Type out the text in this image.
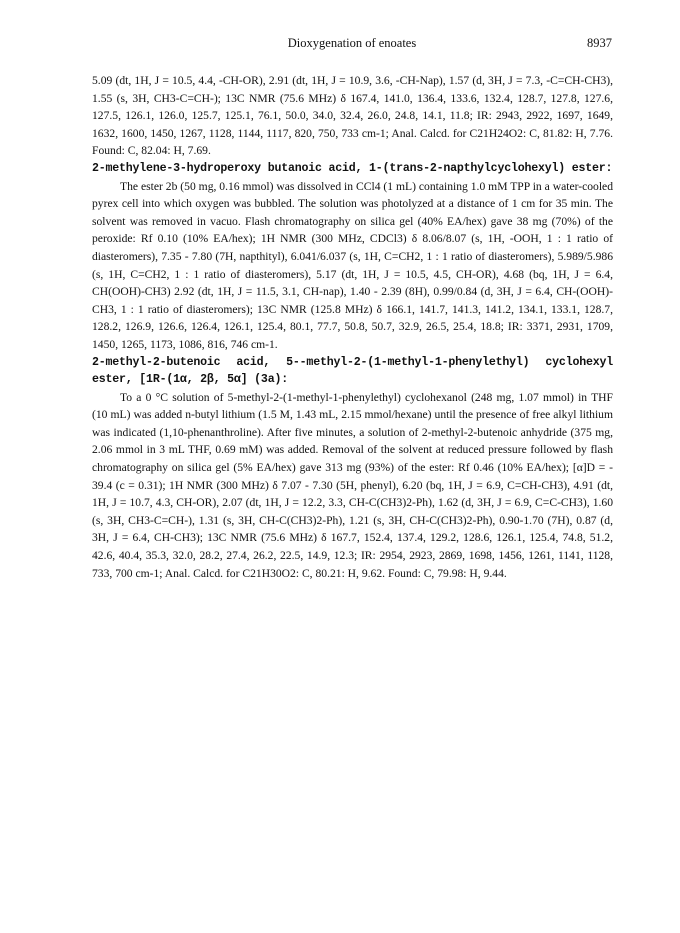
Dioxygenation of enoates	8937

5.09 (dt, 1H, J = 10.5, 4.4, -CH-OR), 2.91 (dt, 1H, J = 10.9, 3.6, -CH-Nap), 1.57 (d, 3H, J = 7.3, -C=CH-CH3), 1.55 (s, 3H, CH3-C=CH-); 13C NMR (75.6 MHz) δ 167.4, 141.0, 136.4, 133.6, 132.4, 128.7, 127.8, 127.6, 127.5, 126.1, 126.0, 125.7, 125.1, 76.1, 50.0, 34.0, 32.4, 26.0, 24.8, 14.1, 11.8; IR: 2943, 2922, 1697, 1649, 1632, 1600, 1450, 1267, 1128, 1144, 1117, 820, 750, 733 cm-1; Anal. Calcd. for C21H24O2: C, 81.82: H, 7.76. Found: C, 82.04: H, 7.69.

2-methylene-3-hydroperoxy butanoic acid, 1-(trans-2-napthylcyclohexyl) ester:

The ester 2b (50 mg, 0.16 mmol) was dissolved in CCl4 (1 mL) containing 1.0 mM TPP in a water-cooled pyrex cell into which oxygen was bubbled. The solution was photolyzed at a distance of 1 cm for 35 min. The solvent was removed in vacuo. Flash chromatography on silica gel (40% EA/hex) gave 38 mg (70%) of the peroxide: Rf 0.10 (10% EA/hex); 1H NMR (300 MHz, CDCl3) δ 8.06/8.07 (s, 1H, -OOH, 1 : 1 ratio of diasteromers), 7.35 - 7.80 (7H, napthityl), 6.041/6.037 (s, 1H, C=CH2, 1 : 1 ratio of diasteromers), 5.989/5.986 (s, 1H, C=CH2, 1 : 1 ratio of diasteromers), 5.17 (dt, 1H, J = 10.5, 4.5, CH-OR), 4.68 (bq, 1H, J = 6.4, CH(OOH)-CH3) 2.92 (dt, 1H, J = 11.5, 3.1, CH-nap), 1.40 - 2.39 (8H), 0.99/0.84 (d, 3H, J = 6.4, CH-(OOH)-CH3, 1 : 1 ratio of diasteromers); 13C NMR (125.8 MHz) δ 166.1, 141.7, 141.3, 141.2, 134.1, 133.1, 128.7, 128.2, 126.9, 126.6, 126.4, 126.1, 125.4, 80.1, 77.7, 50.8, 50.7, 32.9, 26.5, 25.4, 18.8; IR: 3371, 2931, 1709, 1450, 1265, 1173, 1086, 816, 746 cm-1.

2-methyl-2-butenoic acid, 5--methyl-2-(1-methyl-1-phenylethyl) cyclohexyl ester, [1R-(1α, 2β, 5α] (3a):

To a 0 °C solution of 5-methyl-2-(1-methyl-1-phenylethyl) cyclohexanol (248 mg, 1.07 mmol) in THF (10 mL) was added n-butyl lithium (1.5 M, 1.43 mL, 2.15 mmol/hexane) until the presence of free alkyl lithium was indicated (1,10-phenanthroline). After five minutes, a solution of 2-methyl-2-butenoic anhydride (375 mg, 2.06 mmol in 3 mL THF, 0.69 mM) was added. Removal of the solvent at reduced pressure followed by flash chromatography on silica gel (5% EA/hex) gave 313 mg (93%) of the ester: Rf 0.46 (10% EA/hex); [α]D = - 39.4 (c = 0.31); 1H NMR (300 MHz) δ 7.07 - 7.30 (5H, phenyl), 6.20 (bq, 1H, J = 6.9, C=CH-CH3), 4.91 (dt, 1H, J = 10.7, 4.3, CH-OR), 2.07 (dt, 1H, J = 12.2, 3.3, CH-C(CH3)2-Ph), 1.62 (d, 3H, J = 6.9, C=C-CH3), 1.60 (s, 3H, CH3-C=CH-), 1.31 (s, 3H, CH-C(CH3)2-Ph), 1.21 (s, 3H, CH-C(CH3)2-Ph), 0.90-1.70 (7H), 0.87 (d, 3H, J = 6.4, CH-CH3); 13C NMR (75.6 MHz) δ 167.7, 152.4, 137.4, 129.2, 128.6, 126.1, 125.4, 74.8, 51.2, 42.6, 40.4, 35.3, 32.0, 28.2, 27.4, 26.2, 22.5, 14.9, 12.3; IR: 2954, 2923, 2869, 1698, 1456, 1261, 1141, 1128, 733, 700 cm-1; Anal. Calcd. for C21H30O2: C, 80.21: H, 9.62. Found: C, 79.98: H, 9.44.
